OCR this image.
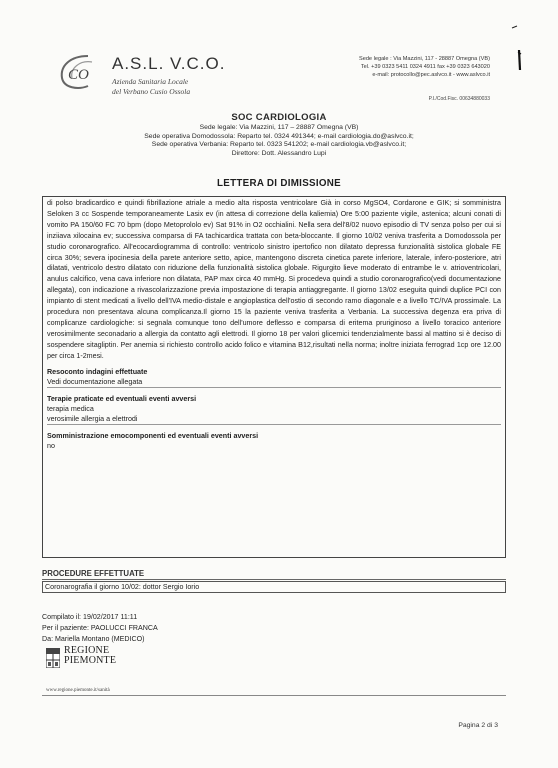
CO
A.S.L. V.C.O.
Azienda Sanitaria Locale
del Verbano Cusio Ossola
Sede legale : Via Mazzini, 117 - 28887 Omegna (VB)
Tel. +39 0323 5411 0324 4911 fax +39 0323 643020
e-mail: protocollo@pec.aslvco.it - www.aslvco.it
P.I./Cod.Fisc. 00634880033
SOC CARDIOLOGIA
Sede legale: Via Mazzini, 117 – 28887 Omegna (VB)
Sede operativa Domodossola: Reparto tel. 0324 491344; e-mail cardiologia.do@aslvco.it;
Sede operativa Verbania: Reparto tel. 0323 541202; e-mail cardiologia.vb@aslvco.it;
Direttore: Dott. Alessandro Lupi
LETTERA DI DIMISSIONE

di polso bradicardico e quindi fibrillazione atriale a medio alta risposta ventricolare Già in corso MgSO4, Cordarone e GIK; si somministra Seloken 3 cc Sospende temporaneamente Lasix ev (in attesa di correzione della kaliemia) Ore 5:00 paziente vigile, astenica; alcuni conati di vomito PA 150/60 FC 70 bpm (dopo Metoprololo ev) Sat 91% in O2 occhialini. Nella sera dell'8/02 nuovo episodio di TV senza polso per cui si inziiava xilocaina ev; successiva comparsa di FA tachicardica trattata con beta-bloccante. Il giorno 10/02 veniva trasferita a Domodossola per studio coronarografico. All'ecocardiogramma di controllo: ventricolo sinistro ipertofico non dilatato depressa funzionalità sistolica globale FE circa 30%; severa ipocinesia della parete anteriore setto, apice, mantengono discreta cinetica parete inferiore, laterale, infero-posteriore, atri dilatati, ventricolo destro dilatato con riduzione della funzionalità sistolica globale. Rigurgito lieve moderato di entrambe le v. atrioventricolari, anulus calcifico, vena cava inferiore non dilatata, PAP max circa 40 mmHg. Si procedeva quindi a studio coronarografico(vedi documentazione allegata), con indicazione a rivascolarizzazione previa impostazione di terapia antiaggregante. Il giorno 13/02 eseguita quindi duplice PCI con impianto di stent medicati a livello dell'IVA medio-distale e angioplastica dell'ostio di secondo ramo diagonale e a livello TC/IVA prossimale. La procedura non presentava alcuna complicanza.Il giorno 15 la paziente veniva trasferita a Verbania. La successiva degenza era priva di complicanze cardiologiche: si segnala comunque tono dell'umore deflesso e comparsa di eritema pruriginoso a livello toracico anteriore verosimilmente seconadario a allergia da contatto agli elettrodi. Il giorno 18 per valori glicemici tendenzialmente bassi al mattino si è deciso di sospendere sitagliptin. Per anemia si richiesto controllo acido folico e vitamina B12,risultati nella norma; inoltre iniziata ferrograd 1cp ore 12.00 per circa 1-2mesi.

Resoconto indagini effettuate
Vedi documentazione allegata
Terapie praticate ed eventuali eventi avversi
terapia medica
verosimile allergia a elettrodi
Somministrazione emocomponenti ed eventuali eventi avversi
no
PROCEDURE EFFETTUATE
Coronarografia il giorno 10/02: dottor Sergio Iorio
Compilato il: 19/02/2017 11:11
Per il paziente: PAOLUCCI FRANCA
Da: Mariella Montano (MEDICO)
REGIONE
PIEMONTE
www.regione.piemonte.it/sanità
Pagina 2 di 3
